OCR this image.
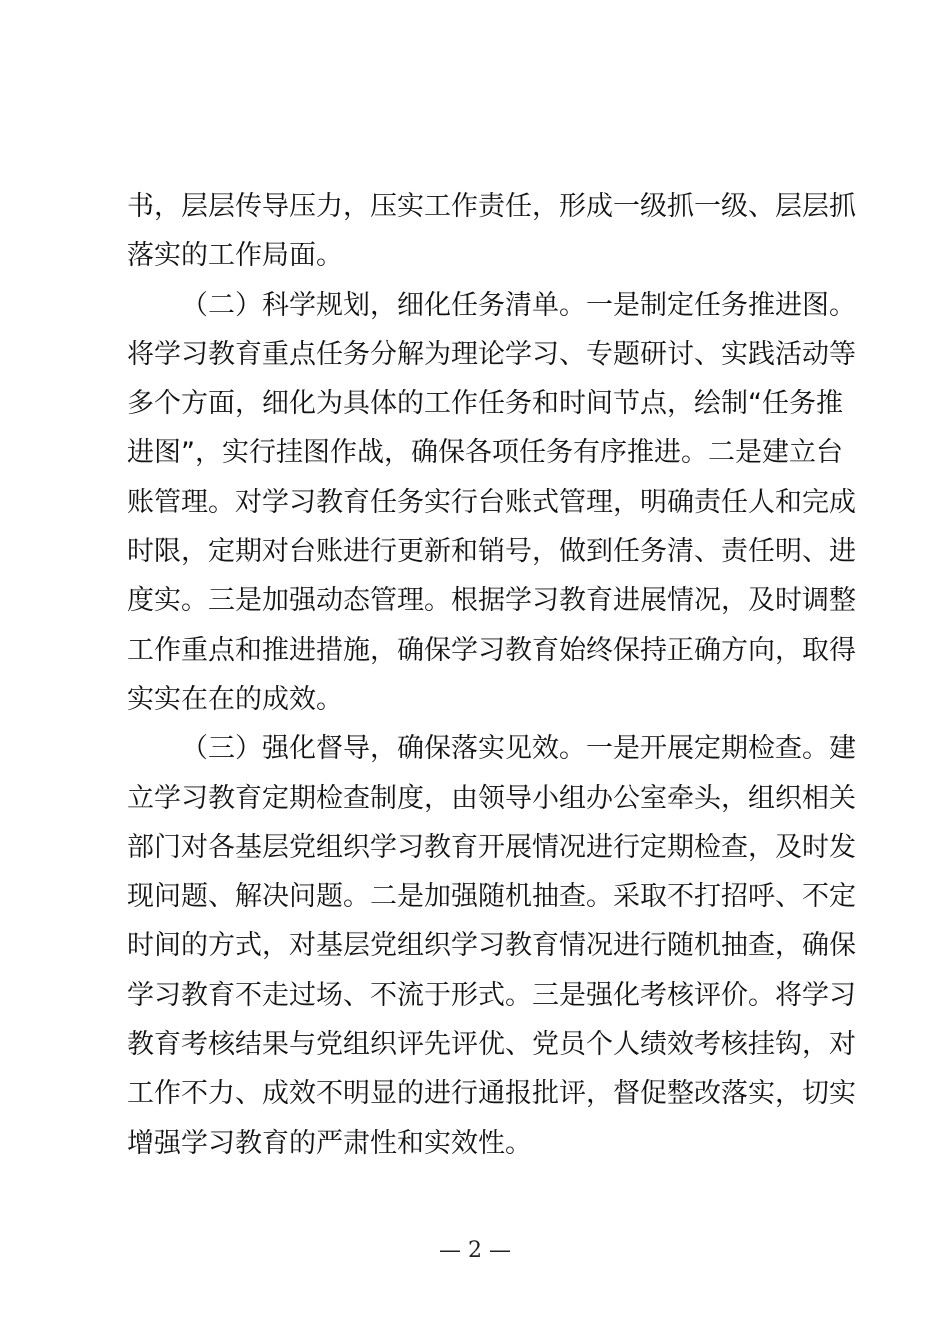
书，层层传导压力，压实工作责任，形成一级抓一级、层层抓
落实的工作局面。
（二）科学规划，细化任务清单。一是制定任务推进图。
将学习教育重点任务分解为理论学习、专题研讨、实践活动等
多个方面，细化为具体的工作任务和时间节点，绘制“任务推
进图”，实行挂图作战，确保各项任务有序推进。二是建立台
账管理。对学习教育任务实行台账式管理，明确责任人和完成
时限，定期对台账进行更新和销号，做到任务清、责任明、进
度实。三是加强动态管理。根据学习教育进展情况，及时调整
工作重点和推进措施，确保学习教育始终保持正确方向，取得
实实在在的成效。
（三）强化督导，确保落实见效。一是开展定期检查。建
立学习教育定期检查制度，由领导小组办公室牵头，组织相关
部门对各基层党组织学习教育开展情况进行定期检查，及时发
现问题、解决问题。二是加强随机抽查。采取不打招呼、不定
时间的方式，对基层党组织学习教育情况进行随机抽查，确保
学习教育不走过场、不流于形式。三是强化考核评价。将学习
教育考核结果与党组织评先评优、党员个人绩效考核挂钩，对
工作不力、成效不明显的进行通报批评，督促整改落实，切实
增强学习教育的严肃性和实效性。
— 2 —
